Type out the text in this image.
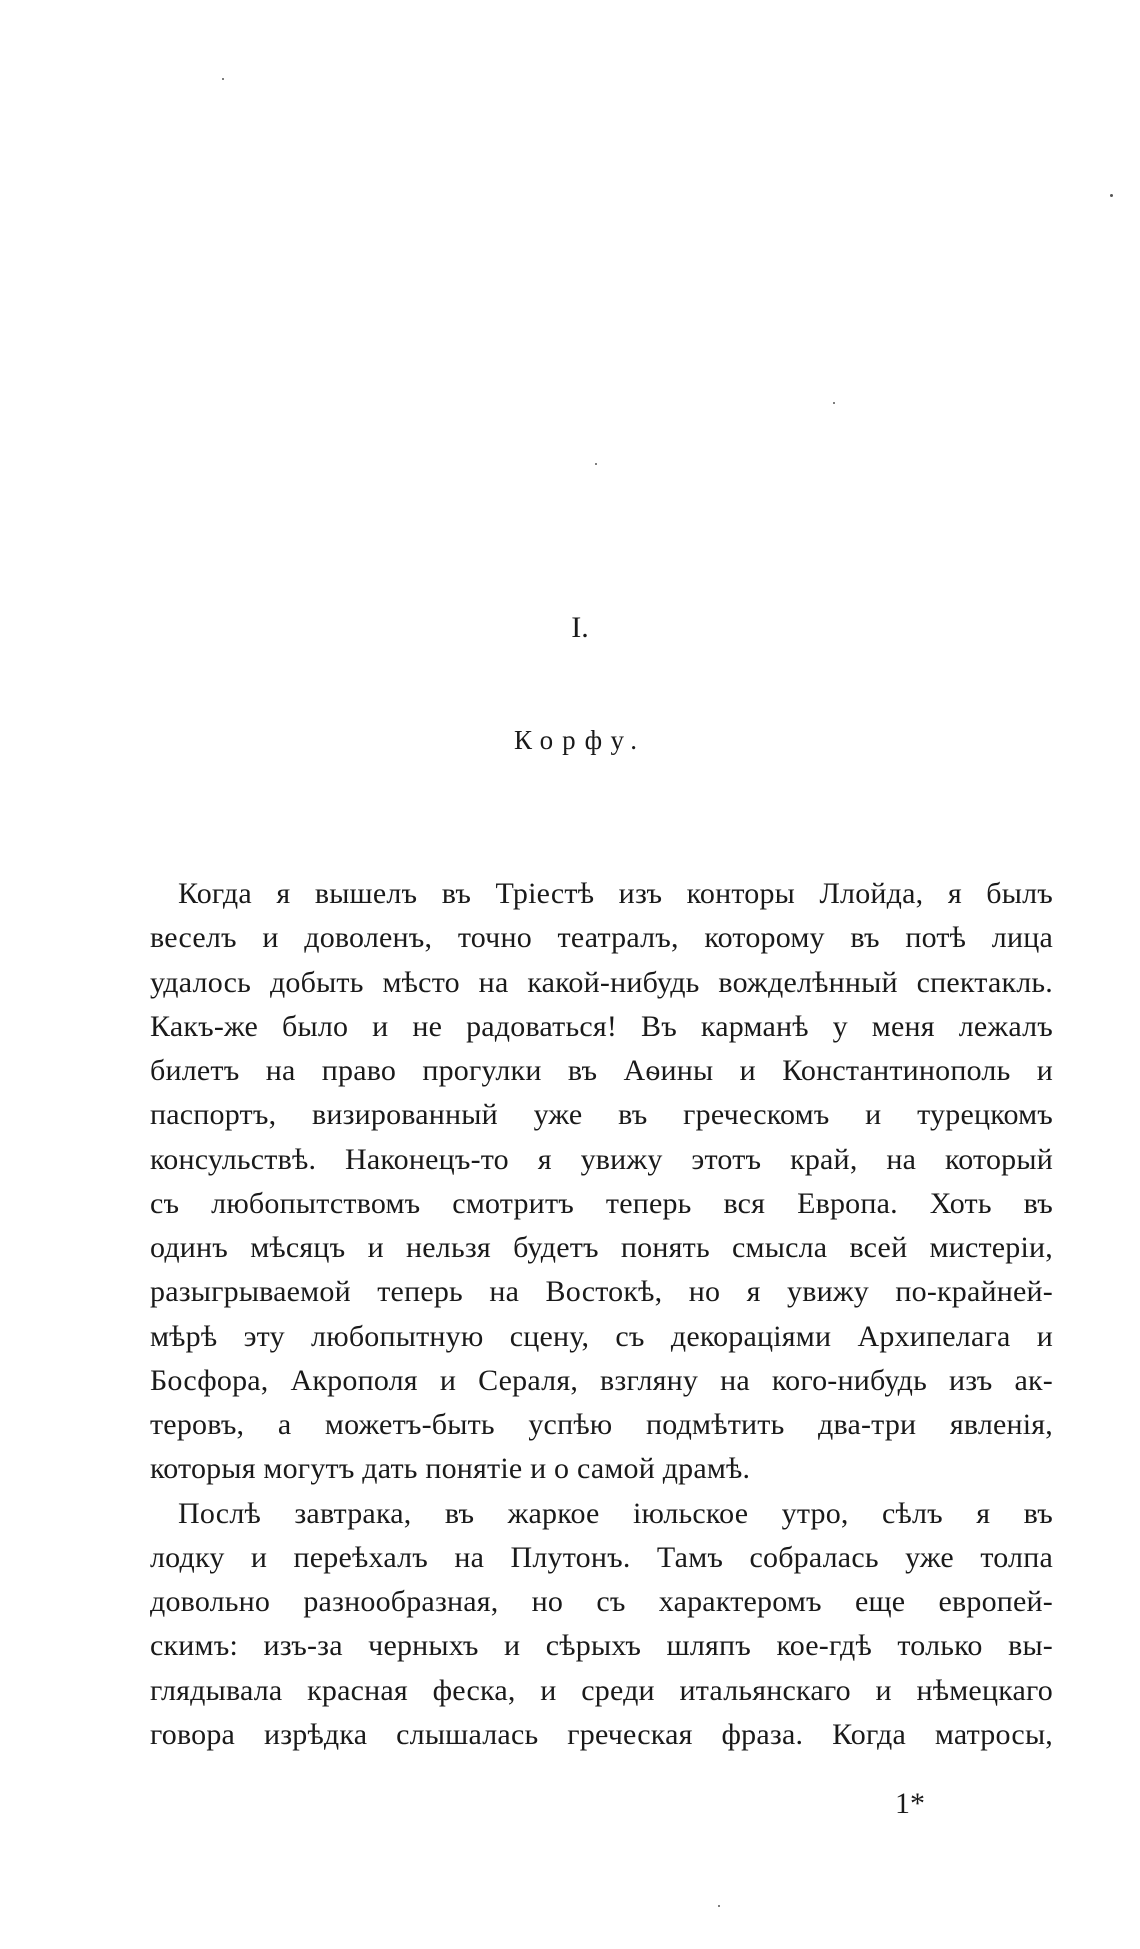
I.
Корфу.
Когда я вышелъ въ Тріестѣ изъ конторы Ллойда, я былъ
веселъ и доволенъ, точно театралъ, которому въ потѣ лица
удалось добыть мѣсто на какой-нибудь вожделѣнный спектакль.
Какъ-же было и не радоваться! Въ карманѣ у меня лежалъ
билетъ на право прогулки въ Аѳины и Константинополь и
паспортъ, визированный уже въ греческомъ и турецкомъ
консульствѣ. Наконецъ-то я увижу этотъ край, на который
съ любопытствомъ смотритъ теперь вся Европа. Хоть въ
одинъ мѣсяцъ и нельзя будетъ понять смысла всей мистеріи,
разыгрываемой теперь на Востокѣ, но я увижу по-крайней-
мѣрѣ эту любопытную сцену, съ декораціями Архипелага и
Босфора, Акрополя и Сераля, взгляну на кого-нибудь изъ ак-
теровъ, а можетъ-быть успѣю подмѣтить два-три явленія,
которыя могутъ дать понятіе и о самой драмѣ.
Послѣ завтрака, въ жаркое іюльское утро, сѣлъ я въ
лодку и переѣхалъ на Плутонъ. Тамъ собралась уже толпа
довольно разнообразная, но съ характеромъ еще европей-
скимъ: изъ-за черныхъ и сѣрыхъ шляпъ кое-гдѣ только вы-
глядывала красная феска, и среди итальянскаго и нѣмецкаго
говора изрѣдка слышалась греческая фраза. Когда матросы,
1*
